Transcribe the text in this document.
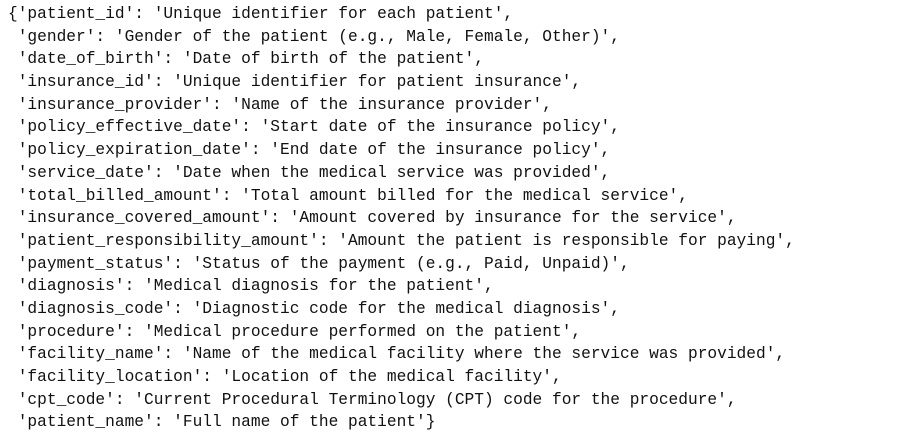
{'patient_id': 'Unique identifier for each patient',
'gender': 'Gender of the patient (e.g., Male, Female, Other)',
'date_of_birth': 'Date of birth of the patient',
'insurance_id': 'Unique identifier for patient insurance',
'insurance_provider': 'Name of the insurance provider',
'policy_effective_date': 'Start date of the insurance policy',
'policy_expiration_date': 'End date of the insurance policy',
'service_date': 'Date when the medical service was provided',
'total_billed_amount': 'Total amount billed for the medical service',
'insurance_covered_amount': 'Amount covered by insurance for the service',
'patient_responsibility_amount': 'Amount the patient is responsible for paying',
'payment_status': 'Status of the payment (e.g., Paid, Unpaid)',
'diagnosis': 'Medical diagnosis for the patient',
'diagnosis_code': 'Diagnostic code for the medical diagnosis',
'procedure': 'Medical procedure performed on the patient',
'facility_name': 'Name of the medical facility where the service was provided',
'facility_location': 'Location of the medical facility',
'cpt_code': 'Current Procedural Terminology (CPT) code for the procedure',
'patient_name': 'Full name of the patient'}
